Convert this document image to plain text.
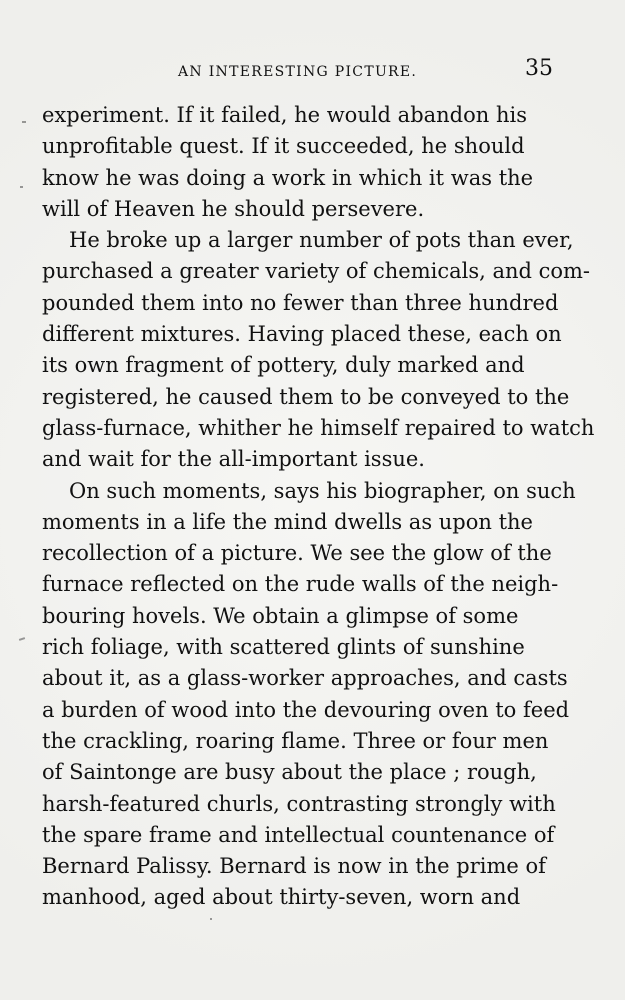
AN INTERESTING PICTURE.	35
experiment. If it failed, he would abandon his
unprofitable quest. If it succeeded, he should
know he was doing a work in which it was the
will of Heaven he should persevere.
He broke up a larger number of pots than ever,
purchased a greater variety of chemicals, and com-
pounded them into no fewer than three hundred
different mixtures. Having placed these, each on
its own fragment of pottery, duly marked and
registered, he caused them to be conveyed to the
glass-furnace, whither he himself repaired to watch
and wait for the all-important issue.
On such moments, says his biographer, on such
moments in a life the mind dwells as upon the
recollection of a picture. We see the glow of the
furnace reflected on the rude walls of the neigh-
bouring hovels. We obtain a glimpse of some
rich foliage, with scattered glints of sunshine
about it, as a glass-worker approaches, and casts
a burden of wood into the devouring oven to feed
the crackling, roaring flame. Three or four men
of Saintonge are busy about the place ; rough,
harsh-featured churls, contrasting strongly with
the spare frame and intellectual countenance of
Bernard Palissy. Bernard is now in the prime of
manhood, aged about thirty-seven, worn and
